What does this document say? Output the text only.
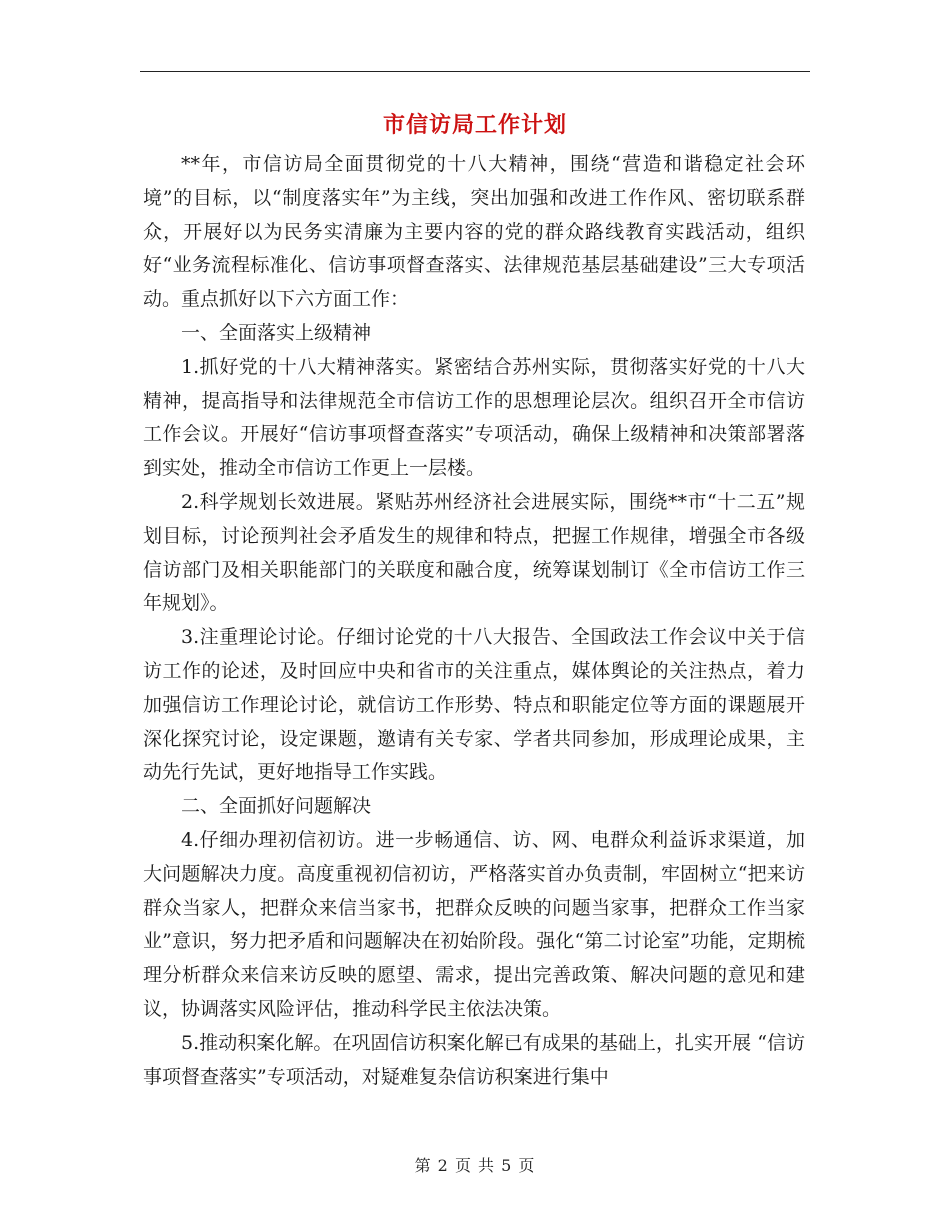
市信访局工作计划

**年，市信访局全面贯彻党的十八大精神，围绕“营造和谐稳定社会环境”的目标，以“制度落实年”为主线，突出加强和改进工作作风、密切联系群众，开展好以为民务实清廉为主要内容的党的群众路线教育实践活动，组织好“业务流程标准化、信访事项督查落实、法律规范基层基础建设”三大专项活动。重点抓好以下六方面工作：

一、全面落实上级精神

1.抓好党的十八大精神落实。紧密结合苏州实际，贯彻落实好党的十八大精神，提高指导和法律规范全市信访工作的思想理论层次。组织召开全市信访工作会议。开展好“信访事项督查落实”专项活动，确保上级精神和决策部署落到实处，推动全市信访工作更上一层楼。

2.科学规划长效进展。紧贴苏州经济社会进展实际，围绕**市“十二五”规划目标，讨论预判社会矛盾发生的规律和特点，把握工作规律，增强全市各级信访部门及相关职能部门的关联度和融合度，统筹谋划制订《全市信访工作三年规划》。

3.注重理论讨论。仔细讨论党的十八大报告、全国政法工作会议中关于信访工作的论述，及时回应中央和省市的关注重点，媒体舆论的关注热点，着力加强信访工作理论讨论，就信访工作形势、特点和职能定位等方面的课题展开深化探究讨论，设定课题，邀请有关专家、学者共同参加，形成理论成果，主动先行先试，更好地指导工作实践。

二、全面抓好问题解决

4.仔细办理初信初访。进一步畅通信、访、网、电群众利益诉求渠道，加大问题解决力度。高度重视初信初访，严格落实首办负责制，牢固树立“把来访群众当家人，把群众来信当家书，把群众反映的问题当家事，把群众工作当家业”意识，努力把矛盾和问题解决在初始阶段。强化“第二讨论室”功能，定期梳理分析群众来信来访反映的愿望、需求，提出完善政策、解决问题的意见和建议，协调落实风险评估，推动科学民主依法决策。

5.推动积案化解。在巩固信访积案化解已有成果的基础上，扎实开展 “信访事项督查落实”专项活动，对疑难复杂信访积案进行集中

第 2 页 共 5 页
